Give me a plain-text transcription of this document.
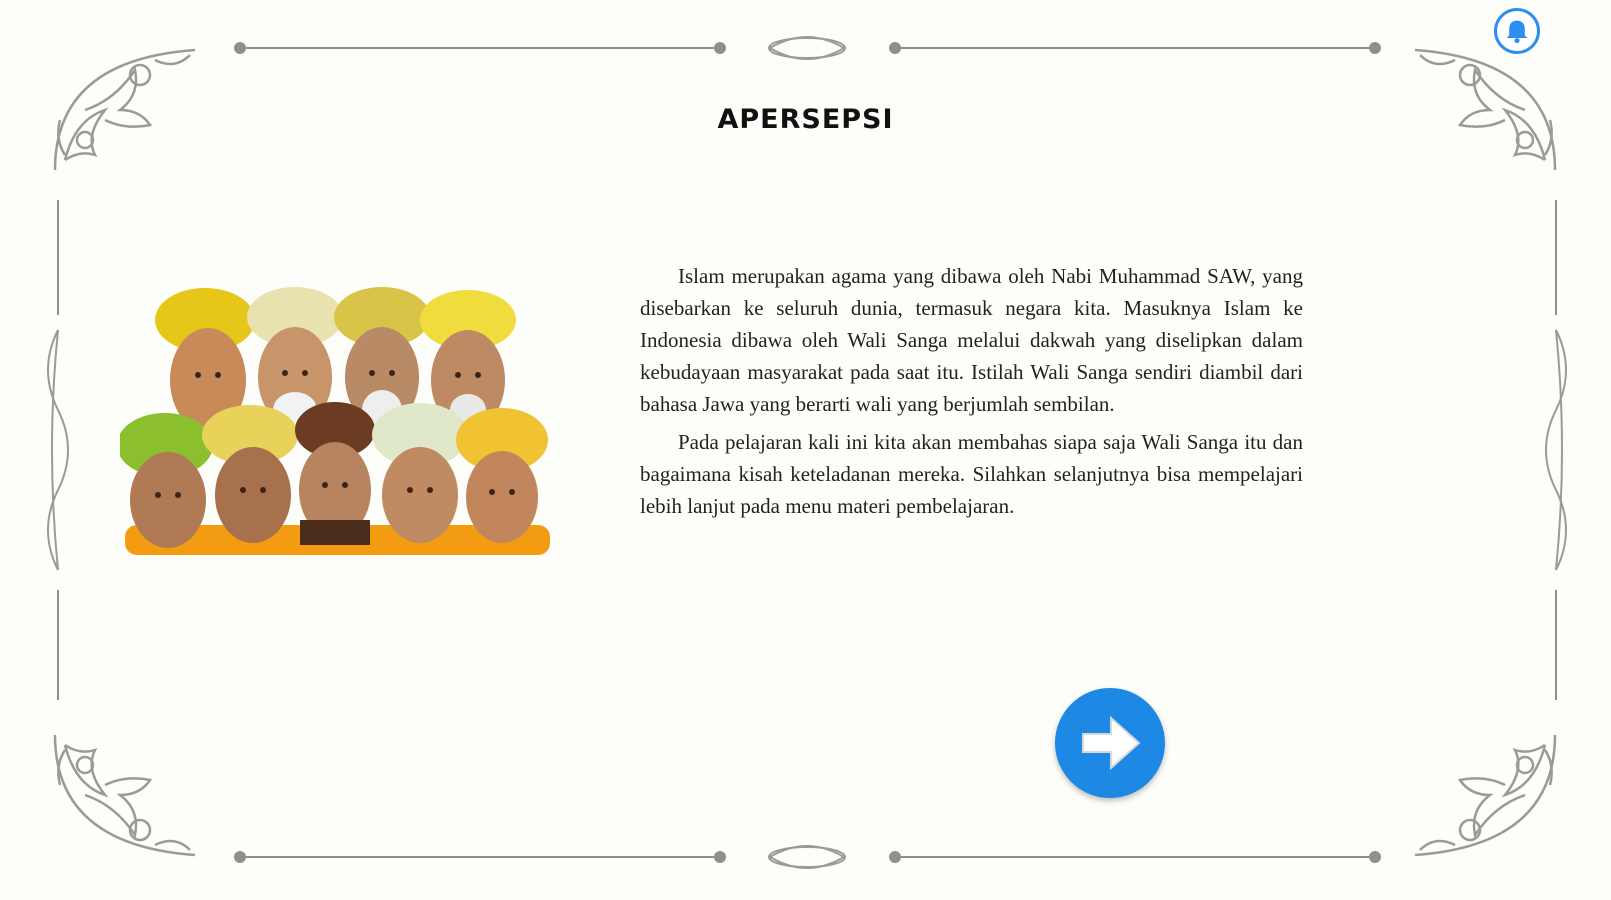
APERSEPSI

Islam merupakan agama yang dibawa oleh Nabi Muhammad SAW, yang disebarkan ke seluruh dunia, termasuk negara kita. Masuknya Islam ke Indonesia dibawa oleh Wali Sanga melalui dakwah yang diselipkan dalam kebudayaan masyarakat pada saat itu. Istilah Wali Sanga sendiri diambil dari bahasa Jawa yang berarti wali yang berjumlah sembilan.

Pada pelajaran kali ini kita akan membahas siapa saja Wali Sanga itu dan bagaimana kisah keteladanan mereka. Silahkan selanjutnya bisa mempelajari lebih lanjut pada menu materi pembelajaran.
